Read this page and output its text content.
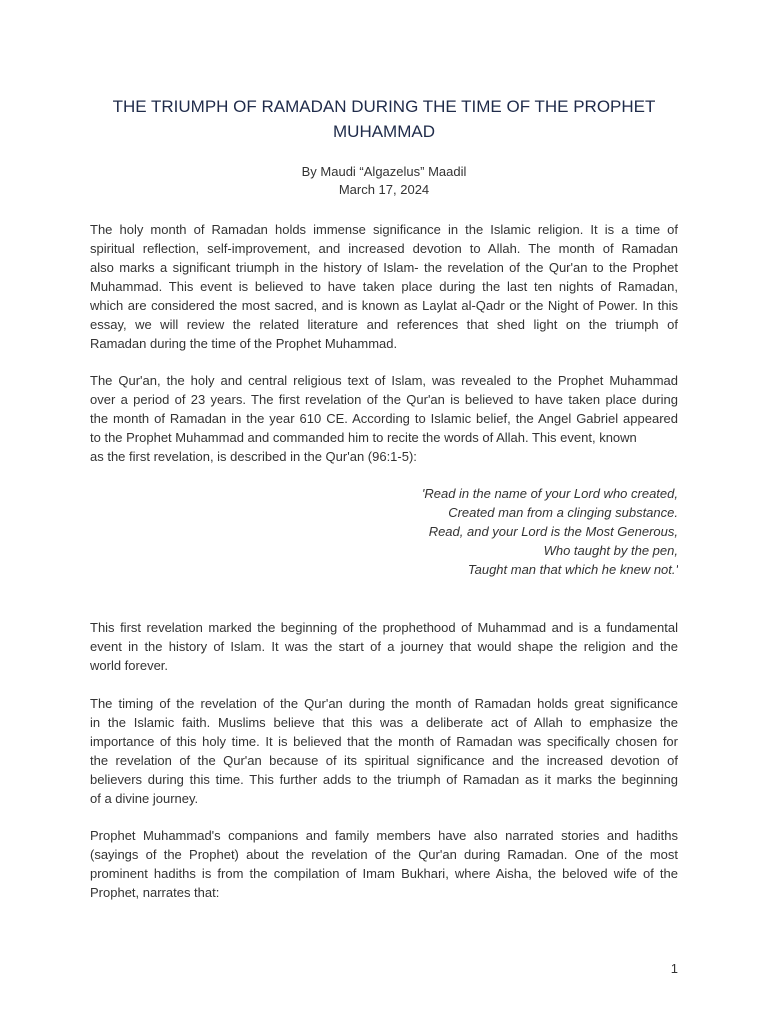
THE TRIUMPH OF RAMADAN DURING THE TIME OF THE PROPHET MUHAMMAD
By Maudi “Algazelus” Maadil
March 17, 2024
The holy month of Ramadan holds immense significance in the Islamic religion. It is a time of
spiritual reflection, self-improvement, and increased devotion to Allah. The month of Ramadan
also marks a significant triumph in the history of Islam- the revelation of the Qur'an to the Prophet
Muhammad. This event is believed to have taken place during the last ten nights of Ramadan,
which are considered the most sacred, and is known as Laylat al-Qadr or the Night of Power. In this
essay, we will review the related literature and references that shed light on the triumph of
Ramadan during the time of the Prophet Muhammad.
The Qur'an, the holy and central religious text of Islam, was revealed to the Prophet Muhammad
over a period of 23 years. The first revelation of the Qur'an is believed to have taken place during
the month of Ramadan in the year 610 CE. According to Islamic belief, the Angel Gabriel appeared
to the Prophet Muhammad and commanded him to recite the words of Allah. This event, known
as the first revelation, is described in the Qur'an (96:1-5):
'Read in the name of your Lord who created,
Created man from a clinging substance.
Read, and your Lord is the Most Generous,
Who taught by the pen,
Taught man that which he knew not.'
This first revelation marked the beginning of the prophethood of Muhammad and is a fundamental
event in the history of Islam. It was the start of a journey that would shape the religion and the
world forever.
The timing of the revelation of the Qur'an during the month of Ramadan holds great significance
in the Islamic faith. Muslims believe that this was a deliberate act of Allah to emphasize the
importance of this holy time. It is believed that the month of Ramadan was specifically chosen for
the revelation of the Qur'an because of its spiritual significance and the increased devotion of
believers during this time. This further adds to the triumph of Ramadan as it marks the beginning
of a divine journey.
Prophet Muhammad's companions and family members have also narrated stories and hadiths
(sayings of the Prophet) about the revelation of the Qur'an during Ramadan. One of the most
prominent hadiths is from the compilation of Imam Bukhari, where Aisha, the beloved wife of the
Prophet, narrates that:
1
